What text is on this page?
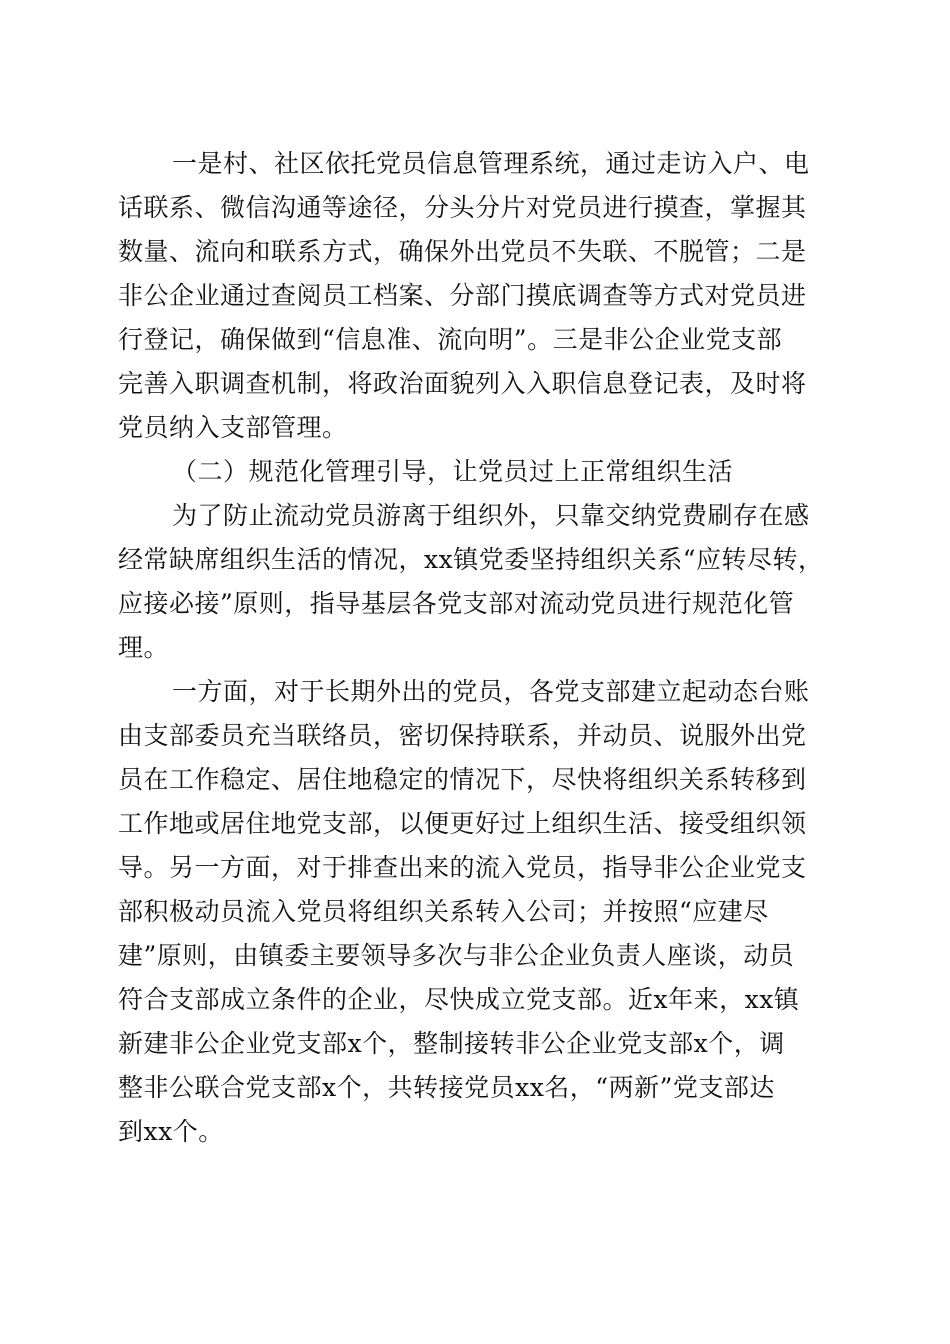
一是村、社区依托党员信息管理系统，通过走访入户、电
话联系、微信沟通等途径，分头分片对党员进行摸查，掌握其
数量、流向和联系方式，确保外出党员不失联、不脱管；二是
非公企业通过查阅员工档案、分部门摸底调查等方式对党员进
行登记，确保做到“信息准、流向明”。三是非公企业党支部
完善入职调查机制，将政治面貌列入入职信息登记表，及时将
党员纳入支部管理。
（二）规范化管理引导，让党员过上正常组织生活
为了防止流动党员游离于组织外，只靠交纳党费刷存在感
经常缺席组织生活的情况，xx镇党委坚持组织关系“应转尽转，
应接必接”原则，指导基层各党支部对流动党员进行规范化管
理。
一方面，对于长期外出的党员，各党支部建立起动态台账
由支部委员充当联络员，密切保持联系，并动员、说服外出党
员在工作稳定、居住地稳定的情况下，尽快将组织关系转移到
工作地或居住地党支部，以便更好过上组织生活、接受组织领
导。另一方面，对于排查出来的流入党员，指导非公企业党支
部积极动员流入党员将组织关系转入公司；并按照“应建尽
建”原则，由镇委主要领导多次与非公企业负责人座谈，动员
符合支部成立条件的企业，尽快成立党支部。近x年来，xx镇
新建非公企业党支部x个，整制接转非公企业党支部x个，调
整非公联合党支部x个，共转接党员xx名，“两新”党支部达
到xx个。
